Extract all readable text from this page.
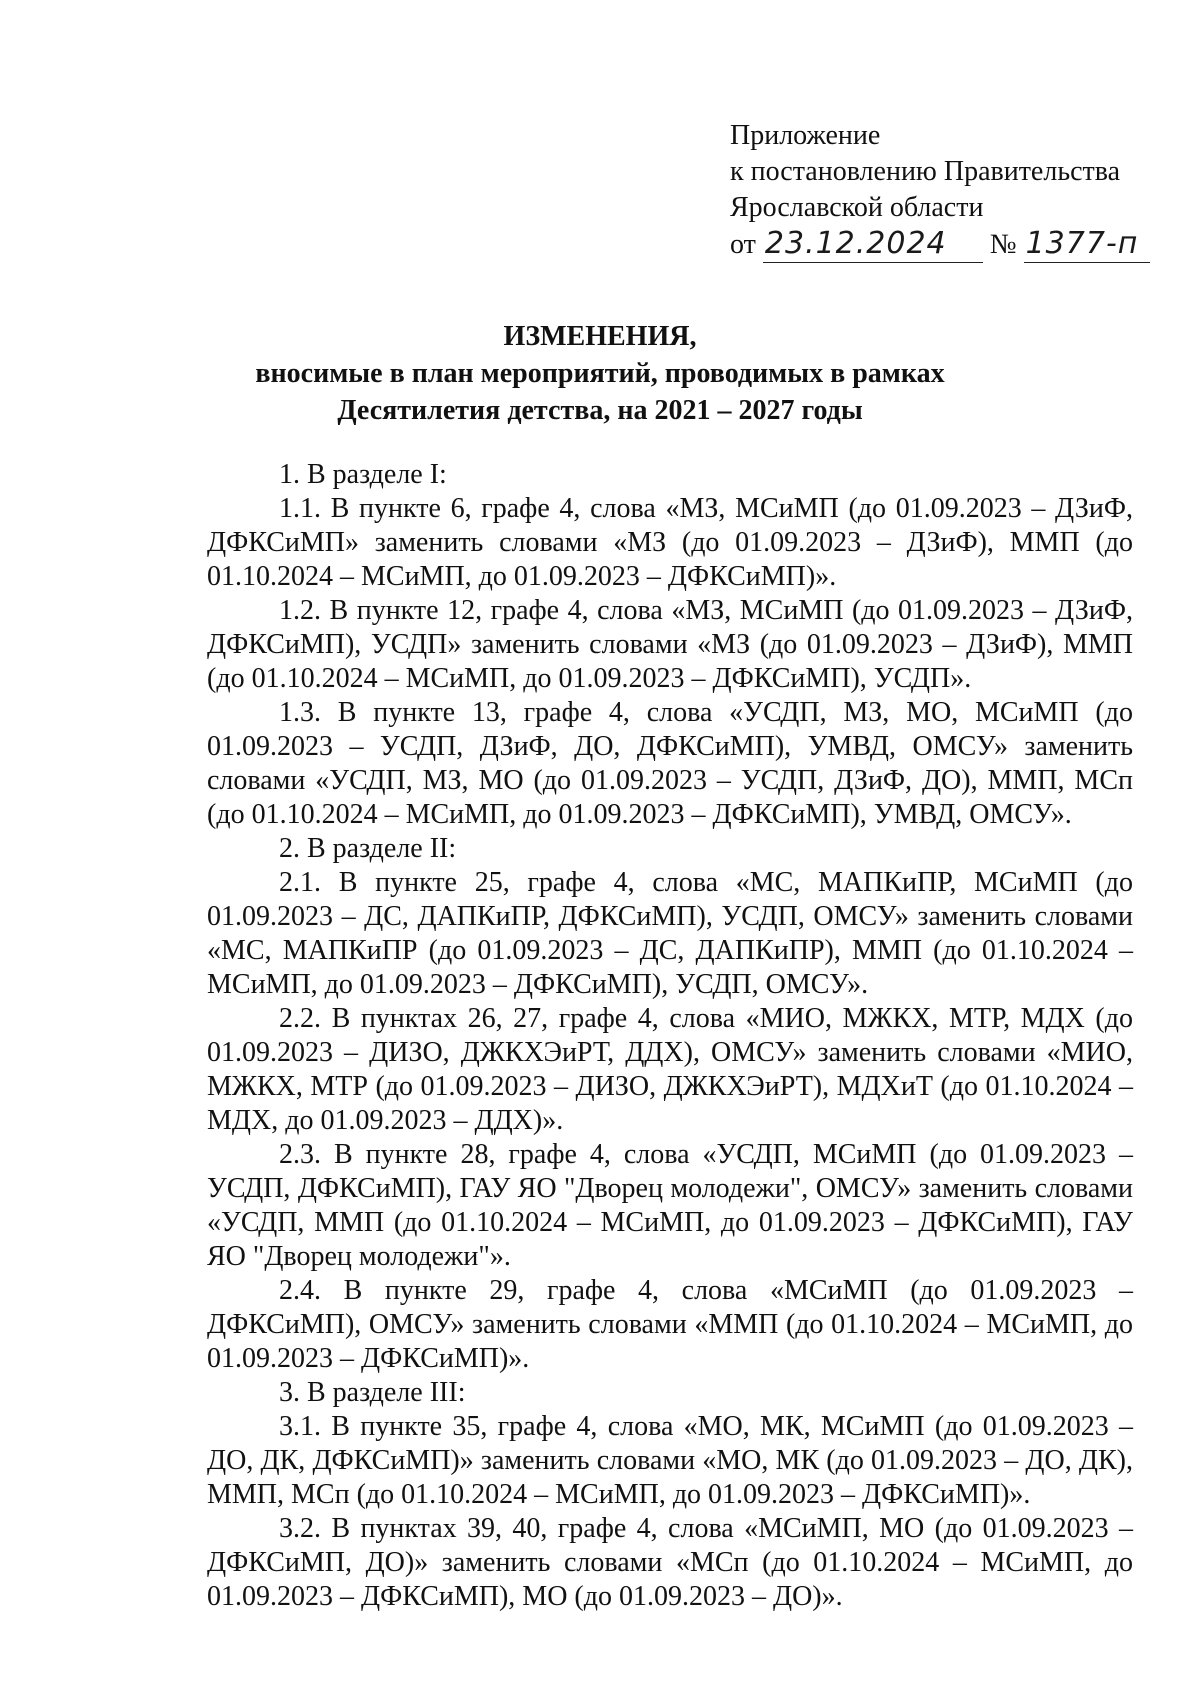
Приложение
к постановлению Правительства
Ярославской области
от 23.12.2024 № 1377-п
ИЗМЕНЕНИЯ,
вносимые в план мероприятий, проводимых в рамках
Десятилетия детства, на 2021 – 2027 годы

1. В разделе I:

1.1. В пункте 6, графе 4, слова «МЗ, МСиМП (до 01.09.2023 – ДЗиФ, ДФКСиМП» заменить словами «МЗ (до 01.09.2023 – ДЗиФ), ММП (до 01.10.2024 – МСиМП, до 01.09.2023 – ДФКСиМП)».

1.2. В пункте 12, графе 4, слова «МЗ, МСиМП (до 01.09.2023 – ДЗиФ, ДФКСиМП), УСДП» заменить словами «МЗ (до 01.09.2023 – ДЗиФ), ММП (до 01.10.2024 – МСиМП, до 01.09.2023 – ДФКСиМП), УСДП».

1.3. В пункте 13, графе 4, слова «УСДП, МЗ, МО, МСиМП (до 01.09.2023 – УСДП, ДЗиФ, ДО, ДФКСиМП), УМВД, ОМСУ» заменить словами «УСДП, МЗ, МО (до 01.09.2023 – УСДП, ДЗиФ, ДО), ММП, МСп (до 01.10.2024 – МСиМП, до 01.09.2023 – ДФКСиМП), УМВД, ОМСУ».

2. В разделе II:

2.1. В пункте 25, графе 4, слова «МС, МАПКиПР, МСиМП (до 01.09.2023 – ДС, ДАПКиПР, ДФКСиМП), УСДП, ОМСУ» заменить словами «МС, МАПКиПР (до 01.09.2023 – ДС, ДАПКиПР), ММП (до 01.10.2024 – МСиМП, до 01.09.2023 – ДФКСиМП), УСДП, ОМСУ».

2.2. В пунктах 26, 27, графе 4, слова «МИО, МЖКХ, МТР, МДХ (до 01.09.2023 – ДИЗО, ДЖКХЭиРТ, ДДХ), ОМСУ» заменить словами «МИО, МЖКХ, МТР (до 01.09.2023 – ДИЗО, ДЖКХЭиРТ), МДХиТ (до 01.10.2024 – МДХ, до 01.09.2023 – ДДХ)».

2.3. В пункте 28, графе 4, слова «УСДП, МСиМП (до 01.09.2023 – УСДП, ДФКСиМП), ГАУ ЯО "Дворец молодежи", ОМСУ» заменить словами «УСДП, ММП (до 01.10.2024 – МСиМП, до 01.09.2023 – ДФКСиМП), ГАУ ЯО "Дворец молодежи"».

2.4. В пункте 29, графе 4, слова «МСиМП (до 01.09.2023 – ДФКСиМП), ОМСУ» заменить словами «ММП (до 01.10.2024 – МСиМП, до 01.09.2023 – ДФКСиМП)».

3. В разделе III:

3.1. В пункте 35, графе 4, слова «МО, МК, МСиМП (до 01.09.2023 – ДО, ДК, ДФКСиМП)» заменить словами «МО, МК (до 01.09.2023 – ДО, ДК), ММП, МСп (до 01.10.2024 – МСиМП, до 01.09.2023 – ДФКСиМП)».

3.2. В пунктах 39, 40, графе 4, слова «МСиМП, МО (до 01.09.2023 – ДФКСиМП, ДО)» заменить словами «МСп (до 01.10.2024 – МСиМП, до 01.09.2023 – ДФКСиМП), МО (до 01.09.2023 – ДО)».
